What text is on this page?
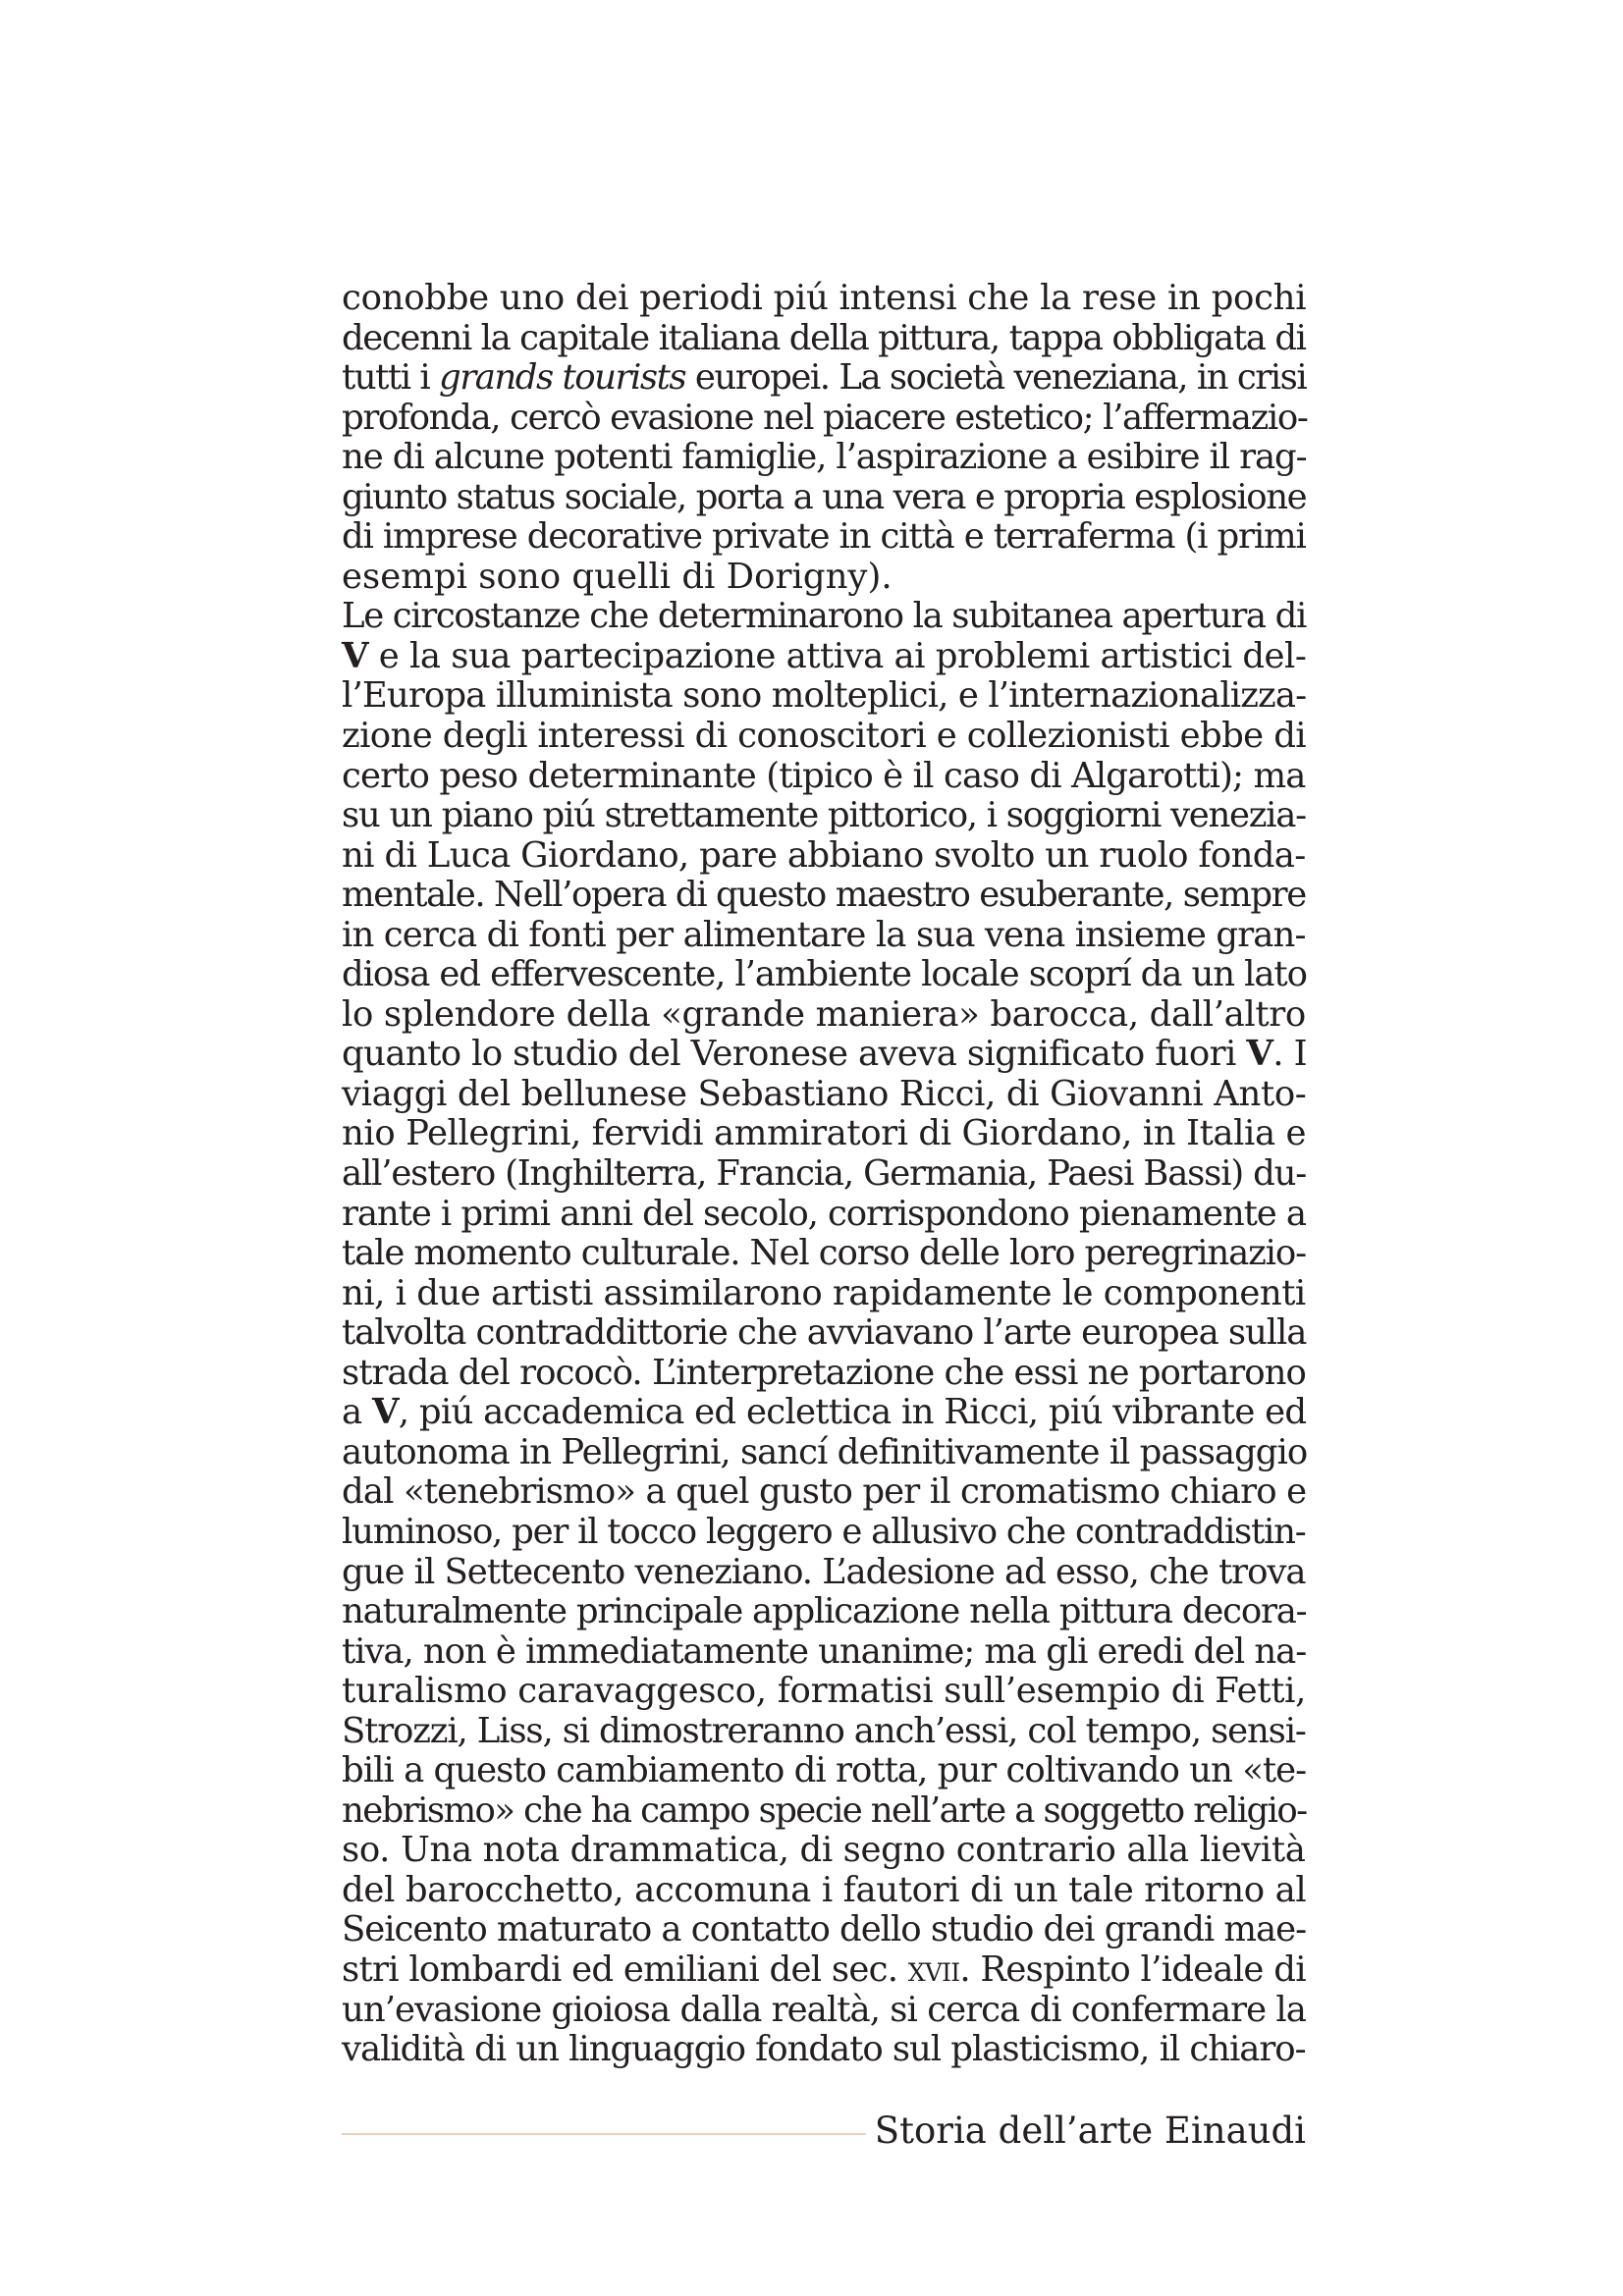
conobbe uno dei periodi piú intensi che la rese in pochi
decenni la capitale italiana della pittura, tappa obbligata di
tutti i grands tourists europei. La società veneziana, in crisi
profonda, cercò evasione nel piacere estetico; l’affermazio-
ne di alcune potenti famiglie, l’aspirazione a esibire il rag-
giunto status sociale, porta a una vera e propria esplosione
di imprese decorative private in città e terraferma (i primi
esempi sono quelli di Dorigny).
Le circostanze che determinarono la subitanea apertura di
V e la sua partecipazione attiva ai problemi artistici del-
l’Europa illuminista sono molteplici, e l’internazionalizza-
zione degli interessi di conoscitori e collezionisti ebbe di
certo peso determinante (tipico è il caso di Algarotti); ma
su un piano piú strettamente pittorico, i soggiorni venezia-
ni di Luca Giordano, pare abbiano svolto un ruolo fonda-
mentale. Nell’opera di questo maestro esuberante, sempre
in cerca di fonti per alimentare la sua vena insieme gran-
diosa ed effervescente, l’ambiente locale scoprí da un lato
lo splendore della «grande maniera» barocca, dall’altro
quanto lo studio del Veronese aveva significato fuori V. I
viaggi del bellunese Sebastiano Ricci, di Giovanni Anto-
nio Pellegrini, fervidi ammiratori di Giordano, in Italia e
all’estero (Inghilterra, Francia, Germania, Paesi Bassi) du-
rante i primi anni del secolo, corrispondono pienamente a
tale momento culturale. Nel corso delle loro peregrinazio-
ni, i due artisti assimilarono rapidamente le componenti
talvolta contraddittorie che avviavano l’arte europea sulla
strada del rococò. L’interpretazione che essi ne portarono
a V, piú accademica ed eclettica in Ricci, piú vibrante ed
autonoma in Pellegrini, sancí definitivamente il passaggio
dal «tenebrismo» a quel gusto per il cromatismo chiaro e
luminoso, per il tocco leggero e allusivo che contraddistin-
gue il Settecento veneziano. L’adesione ad esso, che trova
naturalmente principale applicazione nella pittura decora-
tiva, non è immediatamente unanime; ma gli eredi del na-
turalismo caravaggesco, formatisi sull’esempio di Fetti,
Strozzi, Liss, si dimostreranno anch’essi, col tempo, sensi-
bili a questo cambiamento di rotta, pur coltivando un «te-
nebrismo» che ha campo specie nell’arte a soggetto religio-
so. Una nota drammatica, di segno contrario alla lievità
del barocchetto, accomuna i fautori di un tale ritorno al
Seicento maturato a contatto dello studio dei grandi mae-
stri lombardi ed emiliani del sec. xvii. Respinto l’ideale di
un’evasione gioiosa dalla realtà, si cerca di confermare la
validità di un linguaggio fondato sul plasticismo, il chiaro-
Storia dell’arte Einaudi
